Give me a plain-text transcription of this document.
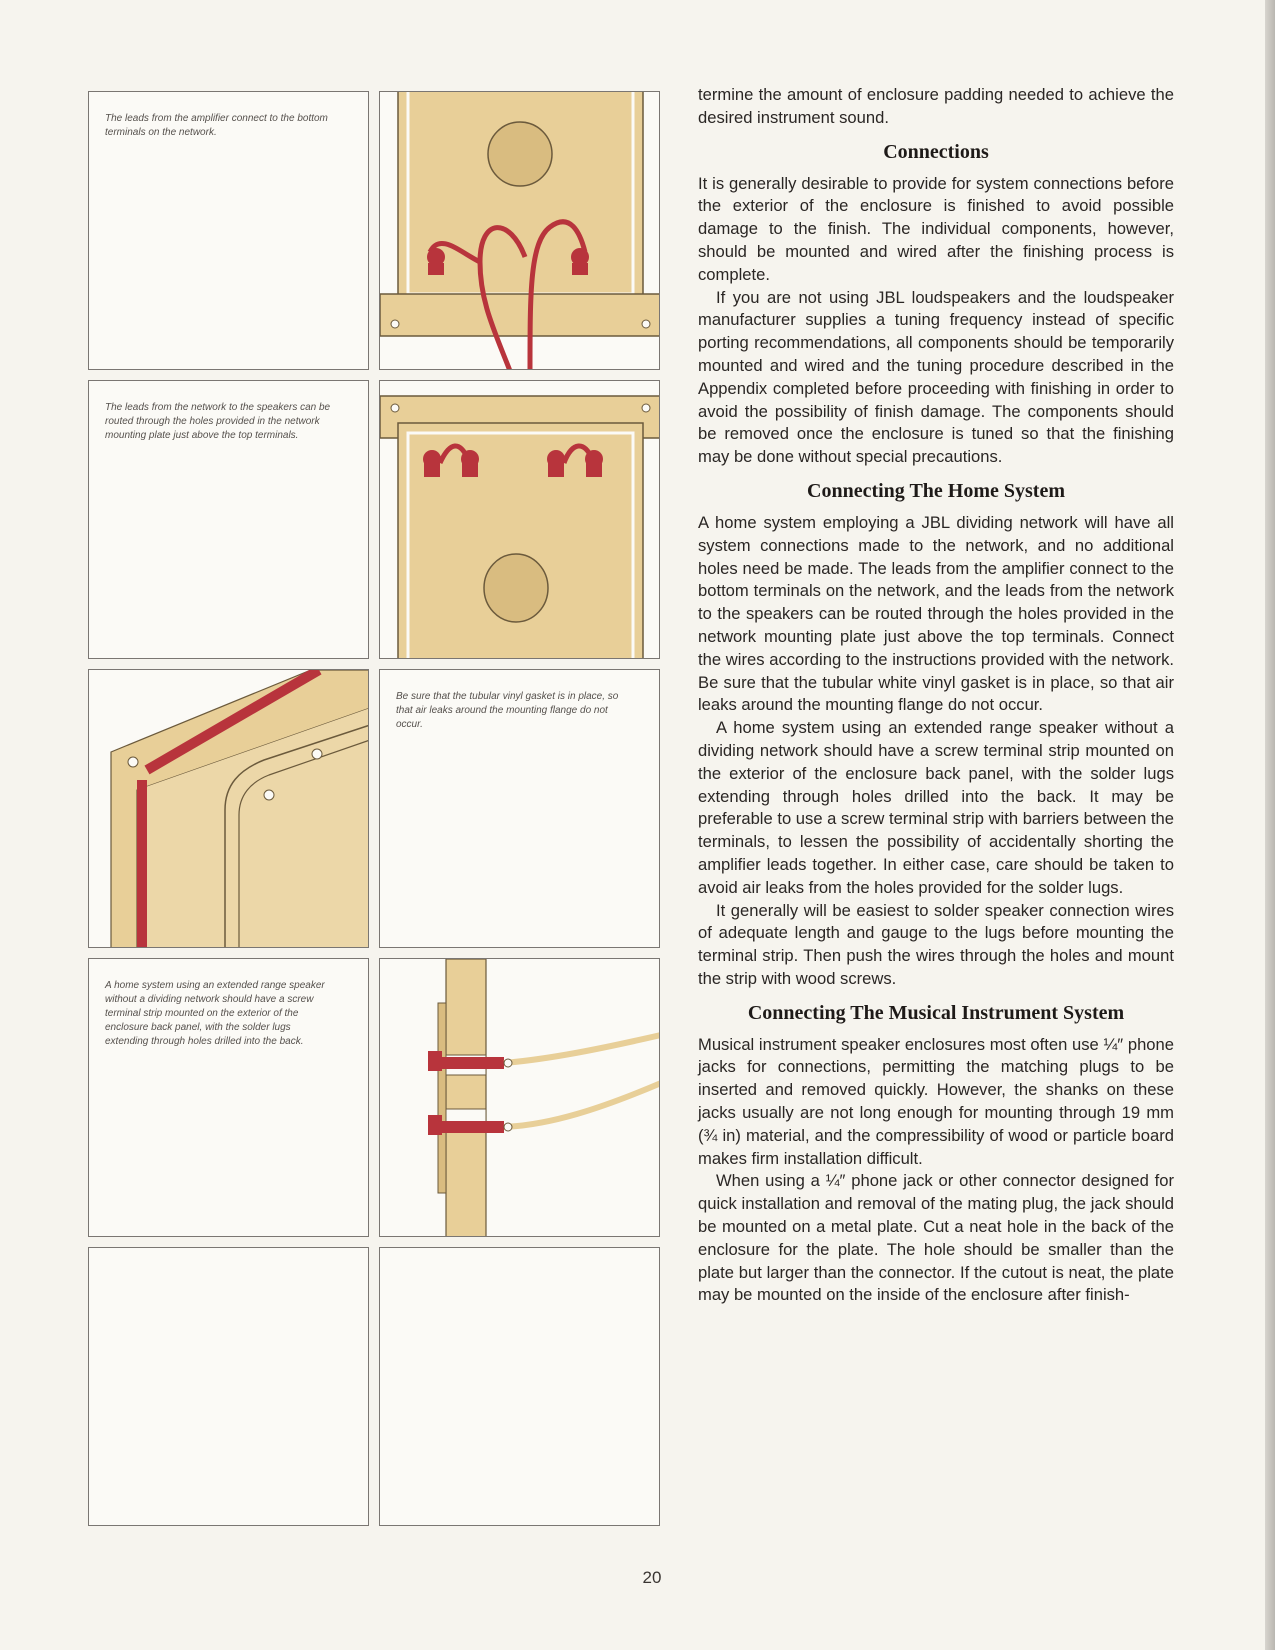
The leads from the amplifier connect to the bottom terminals on the network.
The leads from the network to the speakers can be routed through the holes provided in the network mounting plate just above the top terminals.
Be sure that the tubular vinyl gasket is in place, so that air leaks around the mounting flange do not occur.
A home system using an extended range speaker without a dividing network should have a screw terminal strip mounted on the exterior of the enclosure back panel, with the solder lugs extending through holes drilled into the back.

termine the amount of enclosure padding needed to achieve the desired instrument sound.

Connections

It is generally desirable to provide for system connections before the exterior of the enclosure is finished to avoid possible damage to the finish. The individual components, however, should be mounted and wired after the finishing process is complete.

If you are not using JBL loudspeakers and the loudspeaker manufacturer supplies a tuning frequency instead of specific porting recommendations, all components should be temporarily mounted and wired and the tuning procedure described in the Appendix completed before proceeding with finishing in order to avoid the possibility of finish damage. The components should be removed once the enclosure is tuned so that the finishing may be done without special precautions.

Connecting The Home System

A home system employing a JBL dividing network will have all system connections made to the network, and no additional holes need be made. The leads from the amplifier connect to the bottom terminals on the network, and the leads from the network to the speakers can be routed through the holes provided in the network mounting plate just above the top terminals. Connect the wires according to the instructions provided with the network. Be sure that the tubular white vinyl gasket is in place, so that air leaks around the mounting flange do not occur.

A home system using an extended range speaker without a dividing network should have a screw terminal strip mounted on the exterior of the enclosure back panel, with the solder lugs extending through holes drilled into the back. It may be preferable to use a screw terminal strip with barriers between the terminals, to lessen the possibility of accidentally shorting the amplifier leads together. In either case, care should be taken to avoid air leaks from the holes provided for the solder lugs.

It generally will be easiest to solder speaker connection wires of adequate length and gauge to the lugs before mounting the terminal strip. Then push the wires through the holes and mount the strip with wood screws.

Connecting The Musical Instrument System

Musical instrument speaker enclosures most often use ¼″ phone jacks for connections, permitting the matching plugs to be inserted and removed quickly. However, the shanks on these jacks usually are not long enough for mounting through 19 mm (¾ in) material, and the compressibility of wood or particle board makes firm installation difficult.

When using a ¼″ phone jack or other connector designed for quick installation and removal of the mating plug, the jack should be mounted on a metal plate. Cut a neat hole in the back of the enclosure for the plate. The hole should be smaller than the plate but larger than the connector. If the cutout is neat, the plate may be mounted on the inside of the enclosure after finish-

20
